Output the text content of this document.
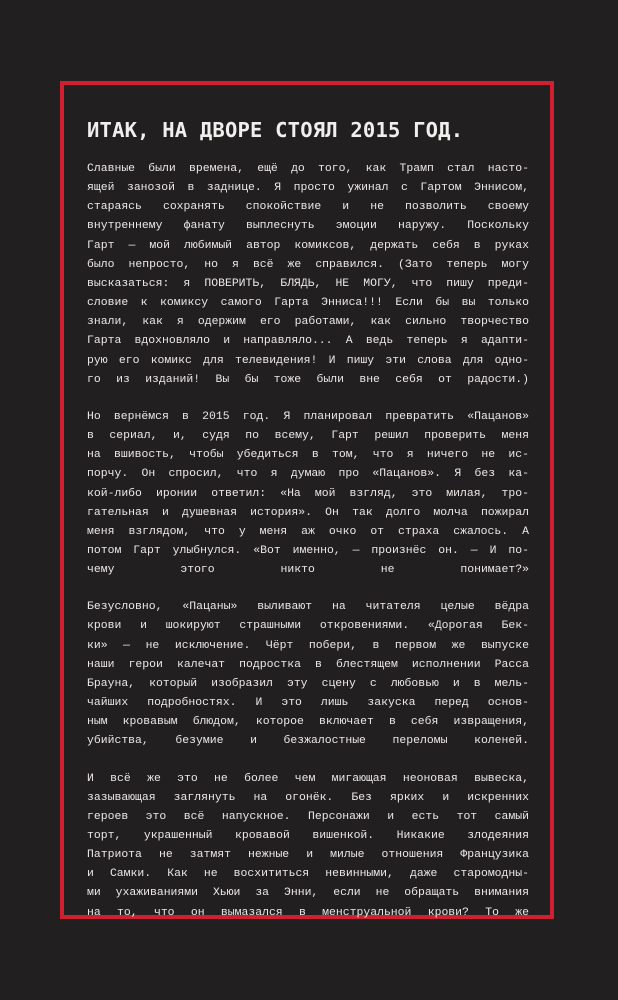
ИТАК, НА ДВОРЕ СТОЯЛ 2015 ГОД.
Славные были времена, ещё до того, как Трамп стал насто-
ящей занозой в заднице. Я просто ужинал с Гартом Эннисом,
стараясь сохранять спокойствие и не позволить своему
внутреннему фанату выплеснуть эмоции наружу. Поскольку
Гарт — мой любимый автор комиксов, держать себя в руках
было непросто, но я всё же справился. (Зато теперь могу
высказаться: я ПОВЕРИТЬ, БЛЯДЬ, НЕ МОГУ, что пишу преди-
словие к комиксу самого Гарта Энниса!!! Если бы вы только
знали, как я одержим его работами, как сильно творчество
Гарта вдохновляло и направляло... А ведь теперь я адапти-
рую его комикс для телевидения! И пишу эти слова для одно-
го из изданий! Вы бы тоже были вне себя от радости.)
Но вернёмся в 2015 год. Я планировал превратить «Пацанов»
в сериал, и, судя по всему, Гарт решил проверить меня
на вшивость, чтобы убедиться в том, что я ничего не ис-
порчу. Он спросил, что я думаю про «Пацанов». Я без ка-
кой-либо иронии ответил: «На мой взгляд, это милая, тро-
гательная и душевная история». Он так долго молча пожирал
меня взглядом, что у меня аж очко от страха сжалось. А
потом Гарт улыбнулся. «Вот именно, — произнёс он. — И по-
чему этого никто не понимает?»
Безусловно, «Пацаны» выливают на читателя целые вёдра
крови и шокируют страшными откровениями. «Дорогая Бек-
ки» — не исключение. Чёрт побери, в первом же выпуске
наши герои калечат подростка в блестящем исполнении Расса
Брауна, который изобразил эту сцену с любовью и в мель-
чайших подробностях. И это лишь закуска перед основ-
ным кровавым блюдом, которое включает в себя извращения,
убийства, безумие и безжалостные переломы коленей.
И всё же это не более чем мигающая неоновая вывеска,
зазывающая заглянуть на огонёк. Без ярких и искренних
героев это всё напускное. Персонажи и есть тот самый
торт, украшенный кровавой вишенкой. Никакие злодеяния
Патриота не затмят нежные и милые отношения Французика
и Самки. Как не восхититься невинными, даже старомодны-
ми ухаживаниями Хьюи за Энни, если не обращать внимания
на то, что он вымазался в менструальной крови? То же
